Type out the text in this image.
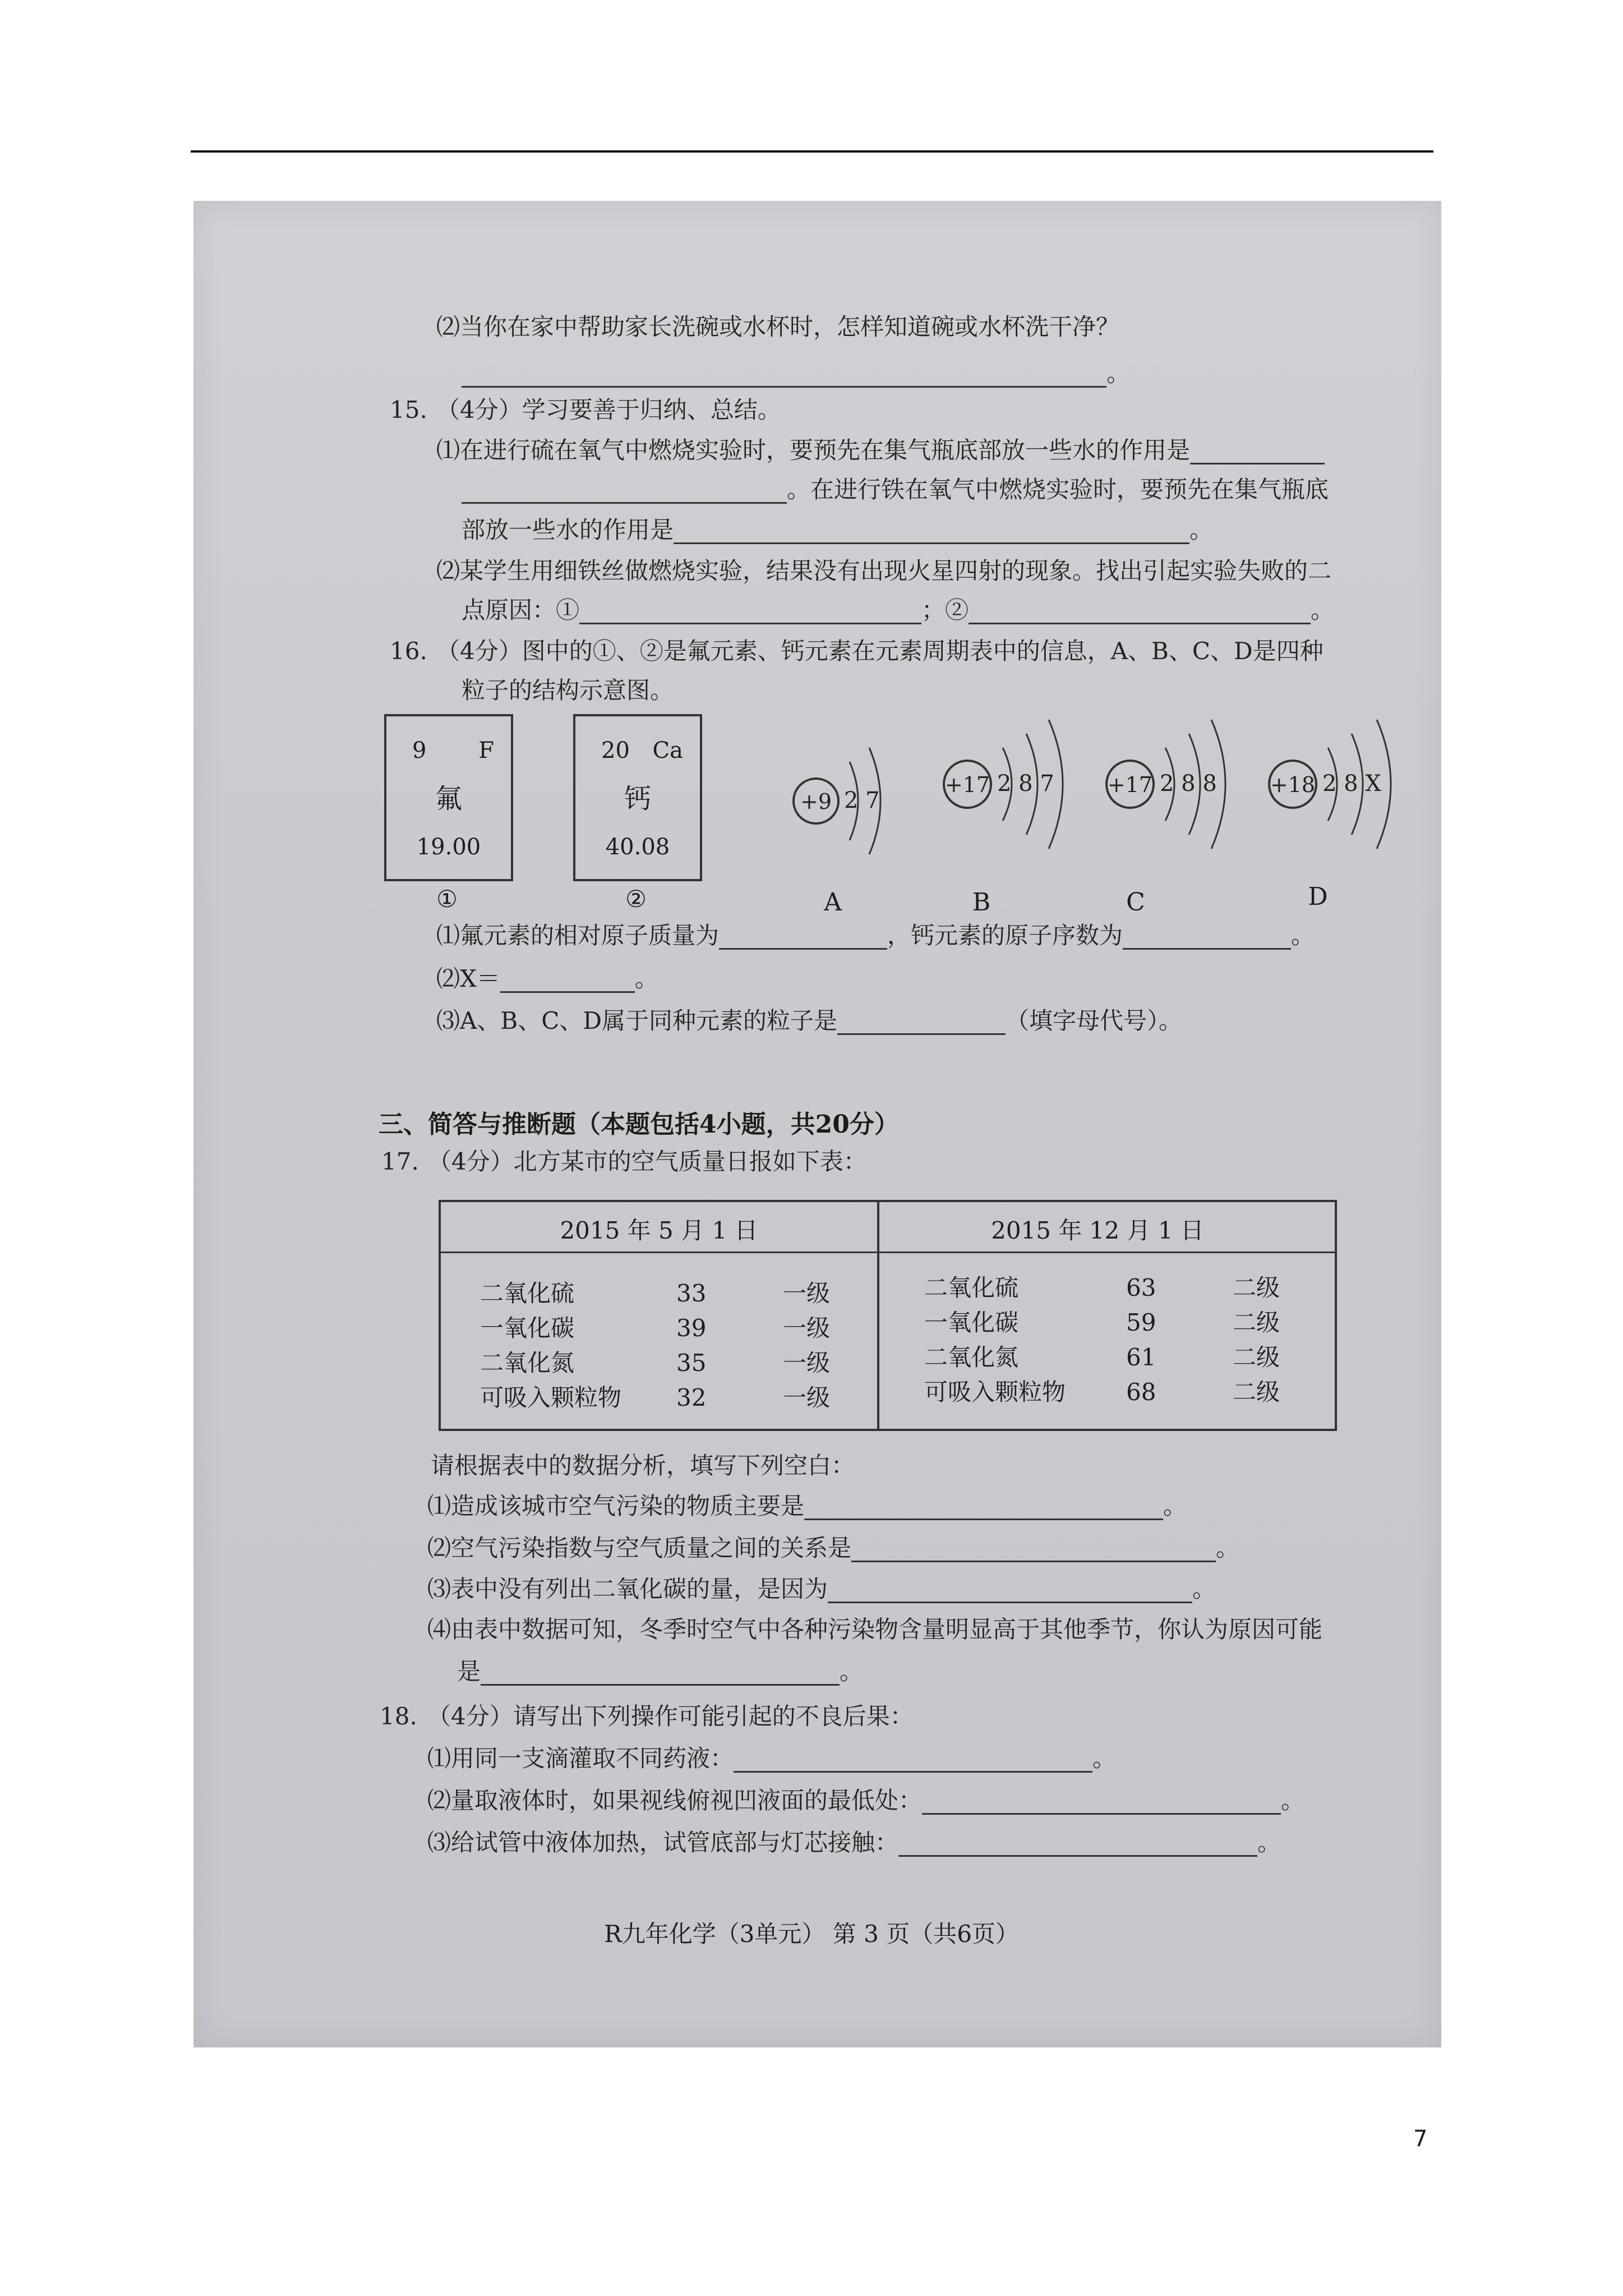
⑵当你在家中帮助家长洗碗或水杯时，怎样知道碗或水杯洗干净？
。
15. （4分）学习要善于归纳、总结。
⑴在进行硫在氧气中燃烧实验时，要预先在集气瓶底部放一些水的作用是
。在进行铁在氧气中燃烧实验时，要预先在集气瓶底
部放一些水的作用是	。
⑵某学生用细铁丝做燃烧实验，结果没有出现火星四射的现象。找出引起实验失败的二
点原因：①	；②	。
16. （4分）图中的①、②是氟元素、钙元素在元素周期表中的信息，A、B、C、D是四种
粒子的结构示意图。
9 F
氟
19.00
①
20 Ca
钙
40.08
②
+9 2 7
+17 2 8 7	+17 2 8 8	+18 2 8 X
A	B	C	D
⑴氟元素的相对原子质量为	，钙元素的原子序数为	。
⑵X＝	。
⑶A、B、C、D属于同种元素的粒子是	（填字母代号）。
三、简答与推断题（本题包括4小题，共20分）
17. （4分）北方某市的空气质量日报如下表：
2015 年 5 月 1 日	2015 年 12 月 1 日
二氧化硫	33	一级
一氧化碳	39	一级
二氧化氮	35	一级
可吸入颗粒物 32	一级
二氧化硫	63	二级
一氧化碳	59	二级
二氧化氮	61	二级
可吸入颗粒物	68	二级
请根据表中的数据分析，填写下列空白：
⑴造成该城市空气污染的物质主要是	。
⑵空气污染指数与空气质量之间的关系是	。
⑶表中没有列出二氧化碳的量，是因为	。
⑷由表中数据可知，冬季时空气中各种污染物含量明显高于其他季节，你认为原因可能
是	。
18. （4分）请写出下列操作可能引起的不良后果：
⑴用同一支滴灌取不同药液：	。
⑵量取液体时，如果视线俯视凹液面的最低处：	。
⑶给试管中液体加热，试管底部与灯芯接触：	。
R九年化学（3单元） 第 3 页（共6页）
7
